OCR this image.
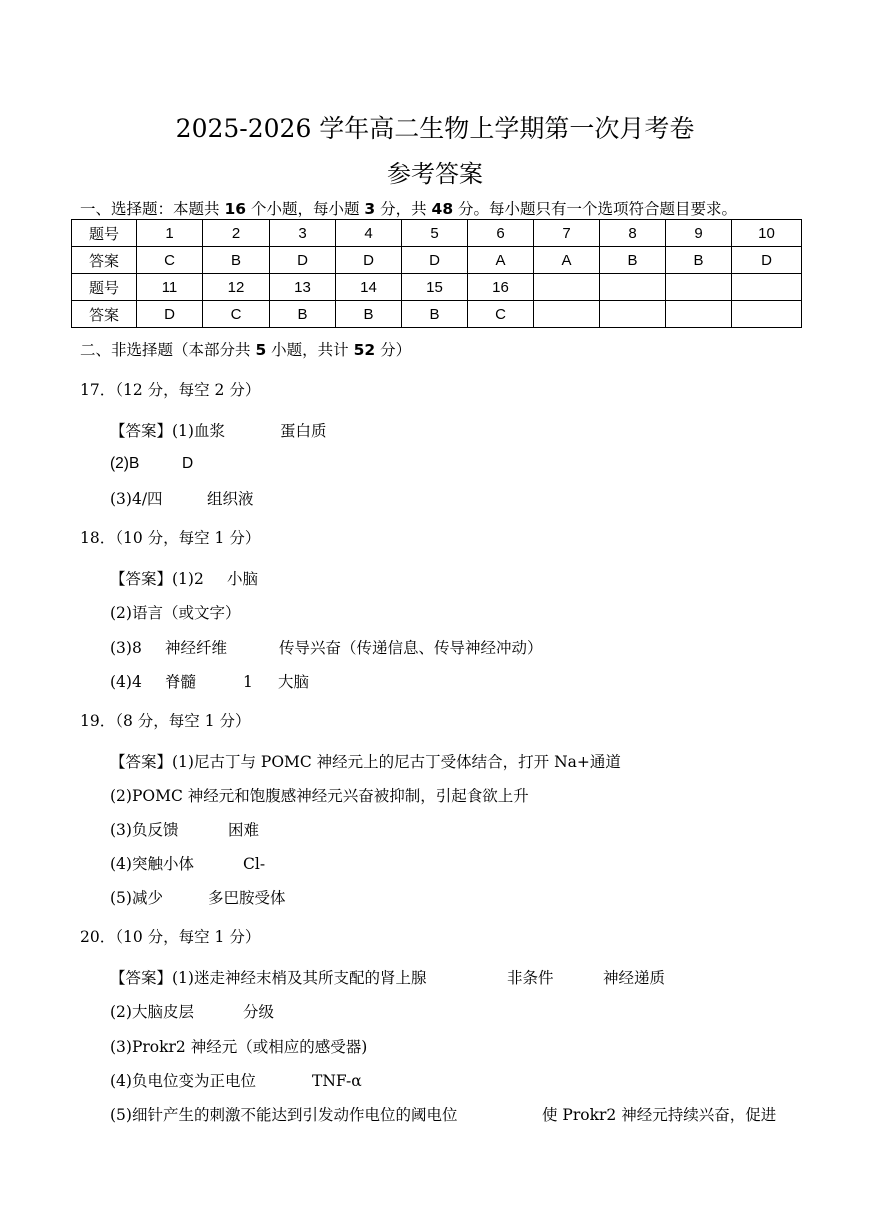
2025-2026 学年高二生物上学期第一次月考卷
参考答案
一、选择题：本题共 16 个小题，每小题 3 分，共 48 分。每小题只有一个选项符合题目要求。
题号	1	2	3	4	5	6	7	8	9	10
答案	C	B	D	D	D	A	A	B	B	D
题号	11	12	13	14	15	16				
答案	D	C	B	B	B	C				
二、非选择题（本部分共 5 小题，共计 52 分）
17．（12 分，每空 2 分）
【答案】(1)血浆	蛋白质
(2)B	D
(3)4/四	组织液
18．（10 分，每空 1 分）
【答案】(1)2 小脑
(2)语言（或文字）
(3)8 神经纤维	传导兴奋（传递信息、传导神经冲动）
(4)4 脊髓	1 大脑
19．（8 分，每空 1 分）
【答案】(1)尼古丁与 POMC 神经元上的尼古丁受体结合，打开 Na+通道
(2)POMC 神经元和饱腹感神经元兴奋被抑制，引起食欲上升
(3)负反馈	困难
(4)突触小体	Cl-
(5)减少	多巴胺受体
20．（10 分，每空 1 分）
【答案】(1)迷走神经末梢及其所支配的肾上腺	非条件	神经递质
(2)大脑皮层	分级
(3)Prokr2 神经元（或相应的感受器)
(4)负电位变为正电位	TNF-α
(5)细针产生的刺激不能达到引发动作电位的阈电位	使 Prokr2 神经元持续兴奋，促进
